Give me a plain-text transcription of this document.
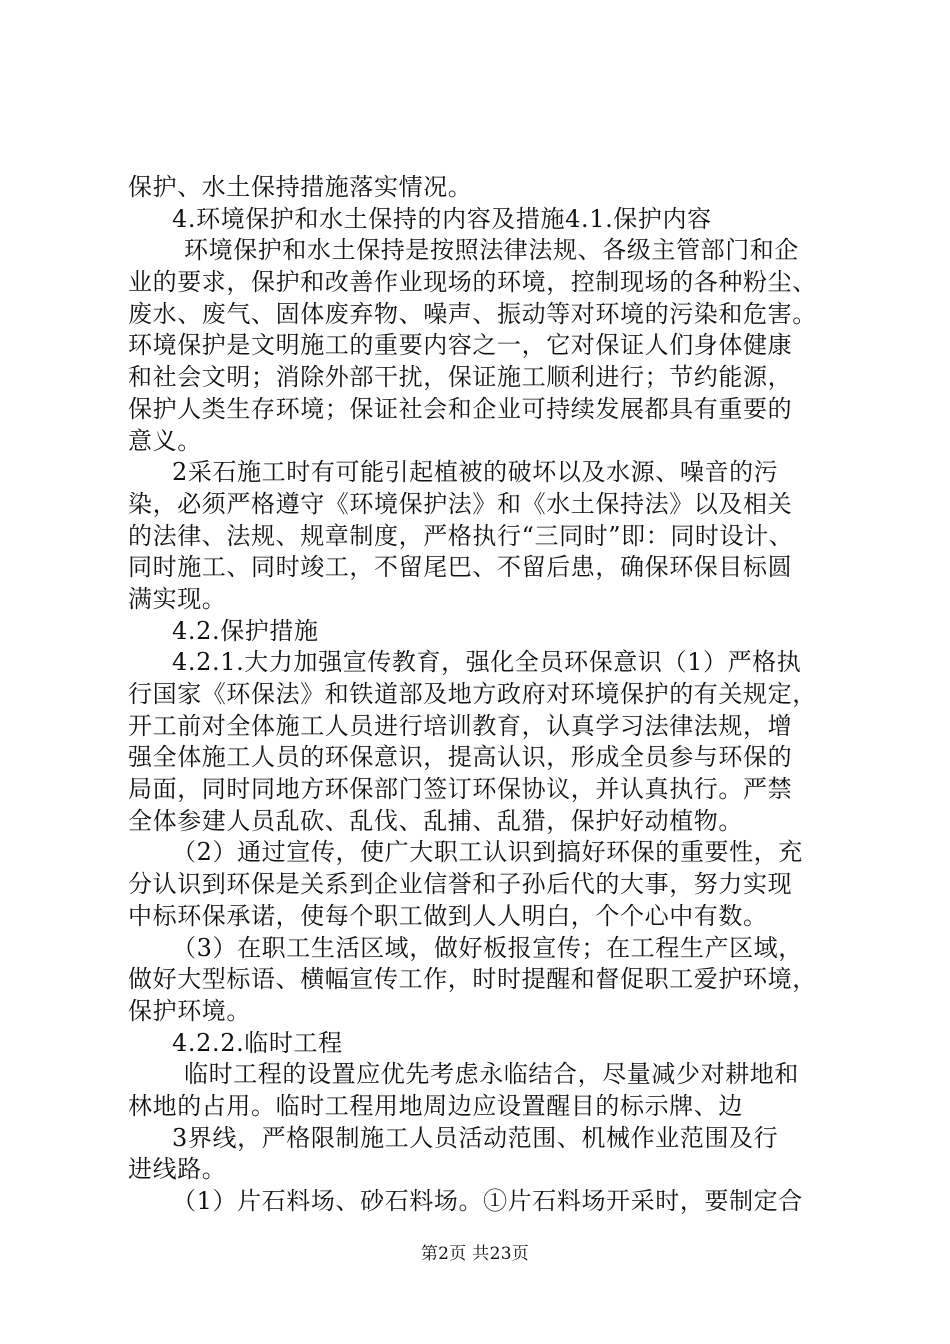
保护、水土保持措施落实情况。
4.环境保护和水土保持的内容及措施4.1.保护内容
环境保护和水土保持是按照法律法规、各级主管部门和企
业的要求，保护和改善作业现场的环境，控制现场的各种粉尘、
废水、废气、固体废弃物、噪声、振动等对环境的污染和危害。
环境保护是文明施工的重要内容之一，它对保证人们身体健康
和社会文明；消除外部干扰，保证施工顺利进行；节约能源，
保护人类生存环境；保证社会和企业可持续发展都具有重要的
意义。
2采石施工时有可能引起植被的破坏以及水源、噪音的污
染，必须严格遵守《环境保护法》和《水土保持法》以及相关
的法律、法规、规章制度，严格执行“三同时”即：同时设计、
同时施工、同时竣工，不留尾巴、不留后患，确保环保目标圆
满实现。
4.2.保护措施
4.2.1.大力加强宣传教育，强化全员环保意识（1）严格执
行国家《环保法》和铁道部及地方政府对环境保护的有关规定，
开工前对全体施工人员进行培训教育，认真学习法律法规，增
强全体施工人员的环保意识，提高认识，形成全员参与环保的
局面，同时同地方环保部门签订环保协议，并认真执行。严禁
全体参建人员乱砍、乱伐、乱捕、乱猎，保护好动植物。
（2）通过宣传，使广大职工认识到搞好环保的重要性，充
分认识到环保是关系到企业信誉和子孙后代的大事，努力实现
中标环保承诺，使每个职工做到人人明白，个个心中有数。
（3）在职工生活区域，做好板报宣传；在工程生产区域，
做好大型标语、横幅宣传工作，时时提醒和督促职工爱护环境，
保护环境。
4.2.2.临时工程
临时工程的设置应优先考虑永临结合，尽量减少对耕地和
林地的占用。临时工程用地周边应设置醒目的标示牌、边
3界线，严格限制施工人员活动范围、机械作业范围及行
进线路。
（1）片石料场、砂石料场。①片石料场开采时，要制定合
第2页 共23页
